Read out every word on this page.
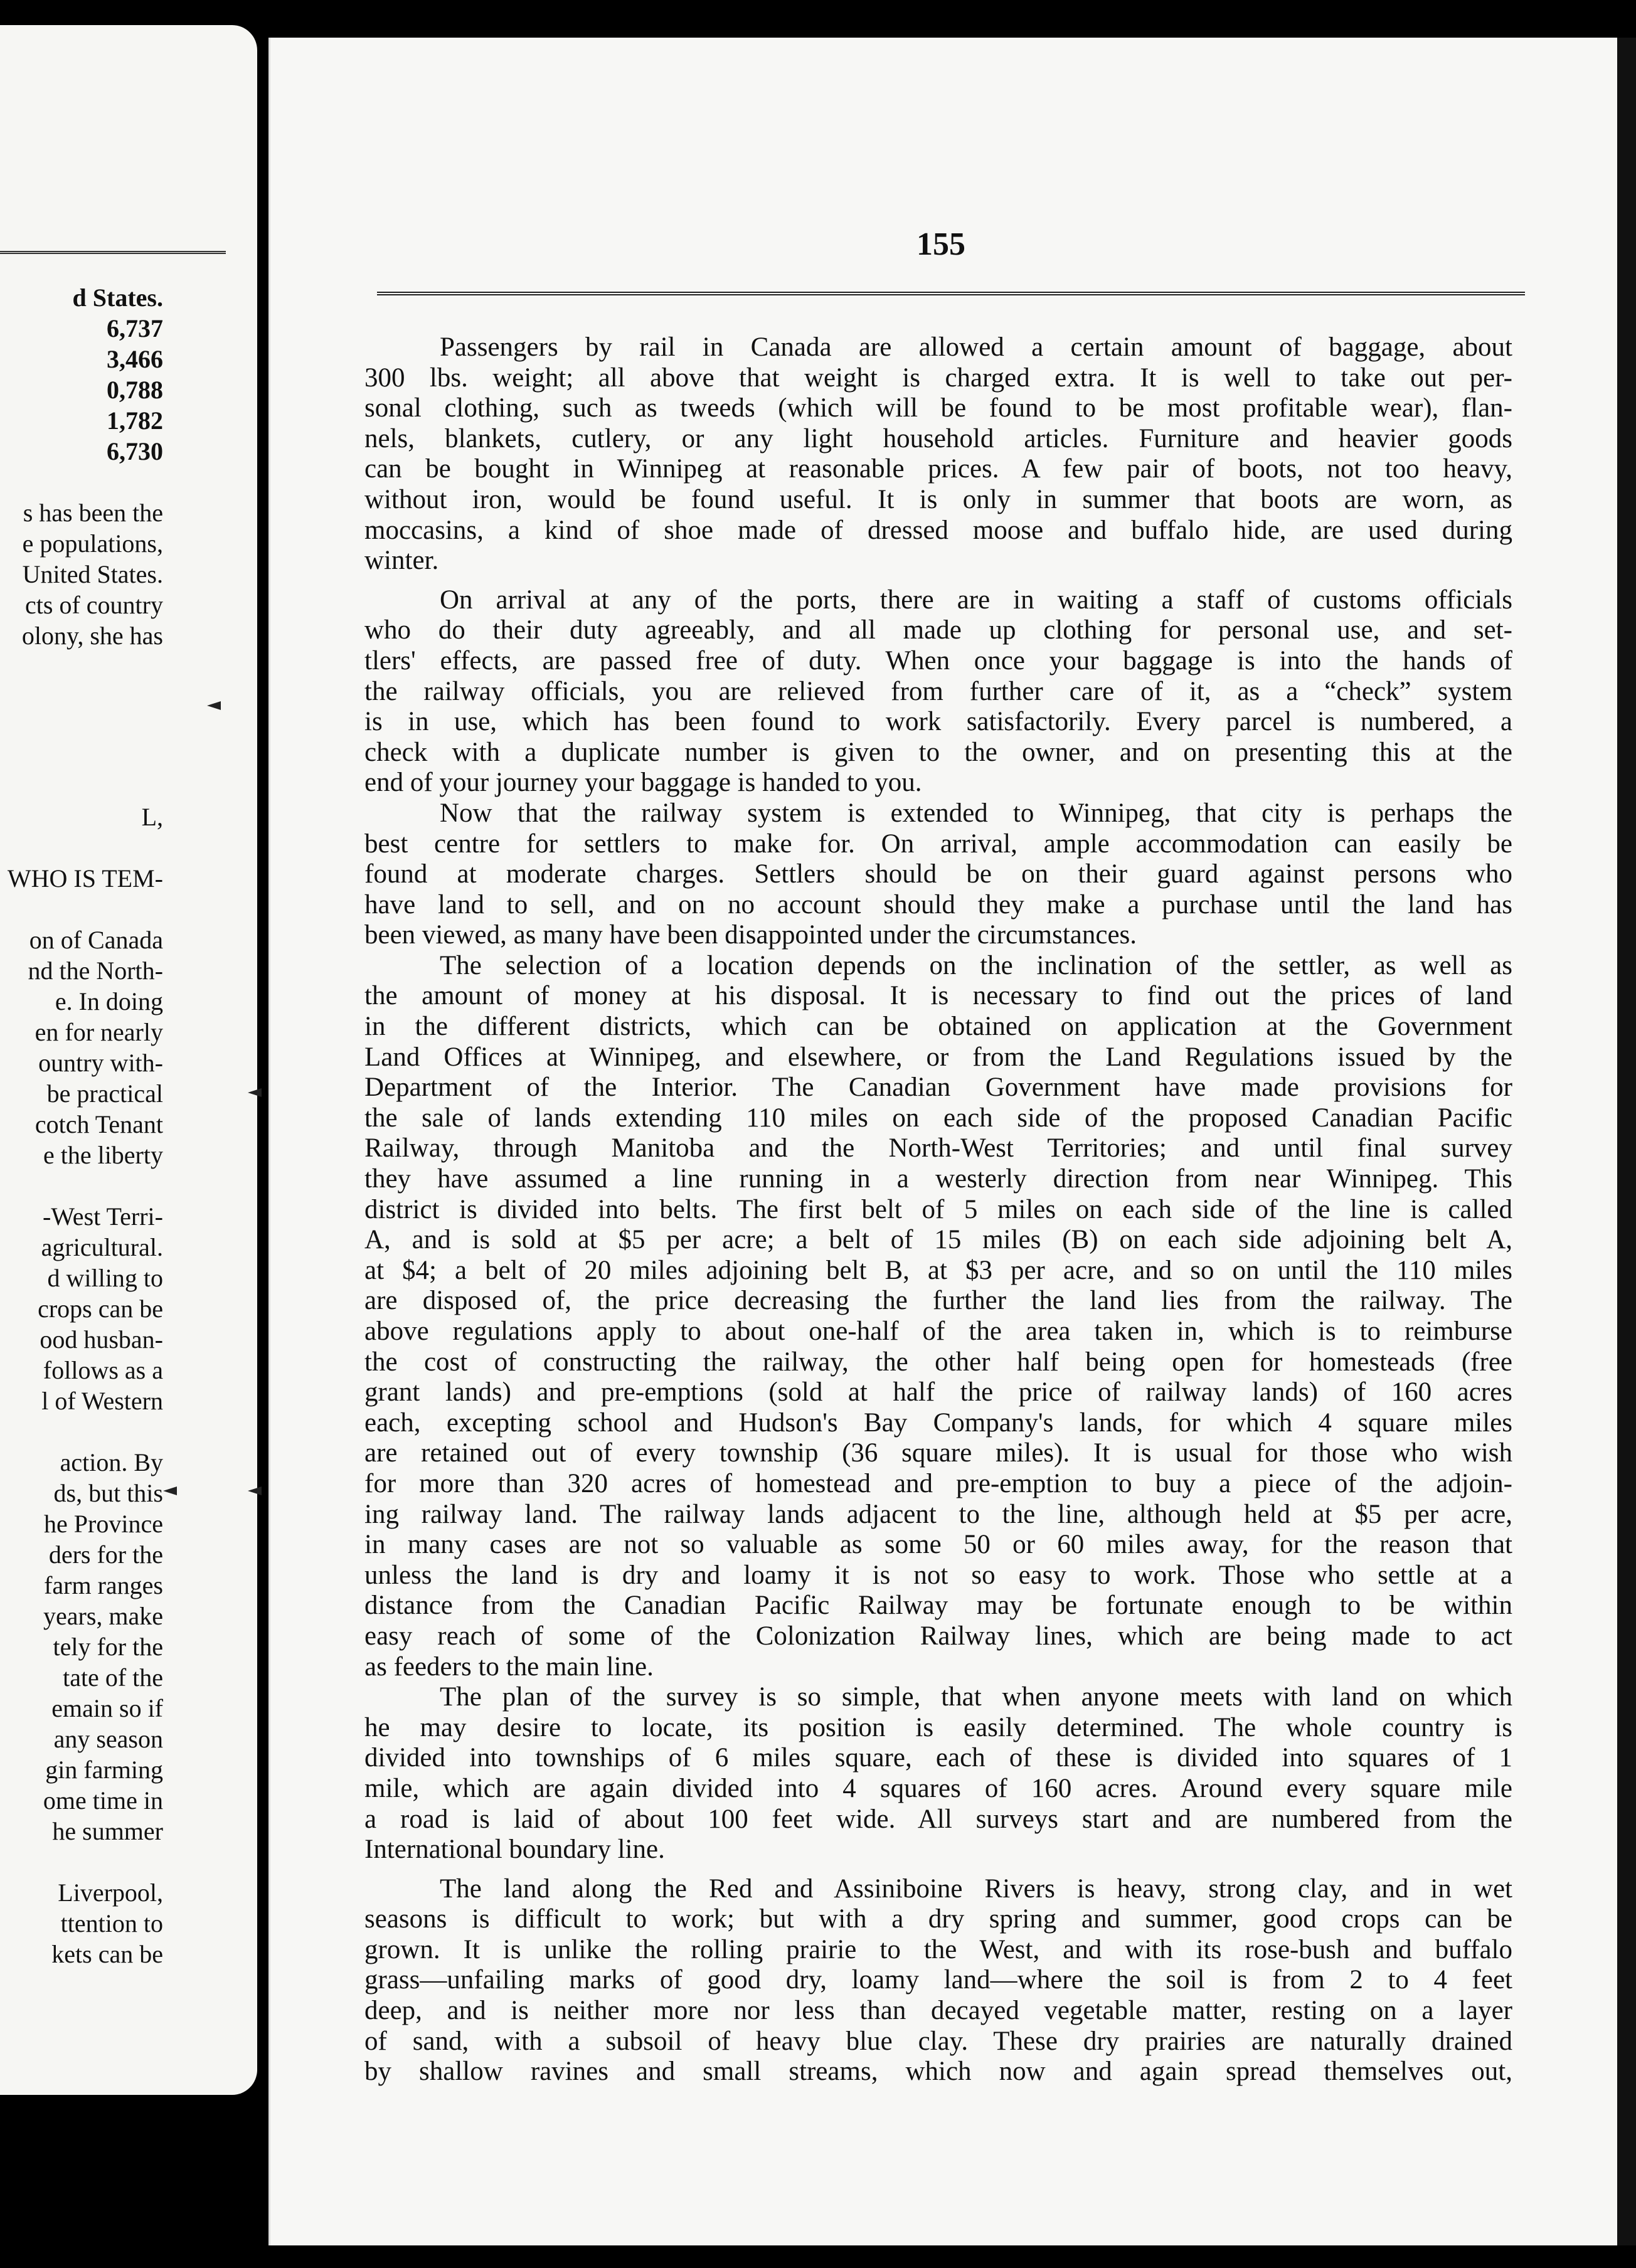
d States.
6,737
3,466
0,788
1,782
6,730
s has been the
e populations,
United States.
cts of country
olony, she has
L,
WHO IS TEM-
on of Canada
nd the North-
e. In doing
en for nearly
ountry with-
be practical
cotch Tenant
e the liberty
-West Terri-
agricultural.
d willing to
crops can be
ood husban-
follows as a
l of Western
action. By
ds, but this
he Province
ders for the
farm ranges
years, make
tely for the
tate of the
emain so if
any season
gin farming
ome time in
he summer
Liverpool,
ttention to
kets can be
155
Passengers by rail in Canada are allowed a certain amount of baggage, about
300 lbs. weight; all above that weight is charged extra. It is well to take out per-
sonal clothing, such as tweeds (which will be found to be most profitable wear), flan-
nels, blankets, cutlery, or any light household articles. Furniture and heavier goods
can be bought in Winnipeg at reasonable prices. A few pair of boots, not too heavy,
without iron, would be found useful. It is only in summer that boots are worn, as
moccasins, a kind of shoe made of dressed moose and buffalo hide, are used during
winter.
On arrival at any of the ports, there are in waiting a staff of customs officials
who do their duty agreeably, and all made up clothing for personal use, and set-
tlers' effects, are passed free of duty. When once your baggage is into the hands of
the railway officials, you are relieved from further care of it, as a “check” system
is in use, which has been found to work satisfactorily. Every parcel is numbered, a
check with a duplicate number is given to the owner, and on presenting this at the
end of your journey your baggage is handed to you.
Now that the railway system is extended to Winnipeg, that city is perhaps the
best centre for settlers to make for. On arrival, ample accommodation can easily be
found at moderate charges. Settlers should be on their guard against persons who
have land to sell, and on no account should they make a purchase until the land has
been viewed, as many have been disappointed under the circumstances.
The selection of a location depends on the inclination of the settler, as well as
the amount of money at his disposal. It is necessary to find out the prices of land
in the different districts, which can be obtained on application at the Government
Land Offices at Winnipeg, and elsewhere, or from the Land Regulations issued by the
Department of the Interior. The Canadian Government have made provisions for
the sale of lands extending 110 miles on each side of the proposed Canadian Pacific
Railway, through Manitoba and the North-West Territories; and until final survey
they have assumed a line running in a westerly direction from near Winnipeg. This
district is divided into belts. The first belt of 5 miles on each side of the line is called
A, and is sold at $5 per acre; a belt of 15 miles (B) on each side adjoining belt A,
at $4; a belt of 20 miles adjoining belt B, at $3 per acre, and so on until the 110 miles
are disposed of, the price decreasing the further the land lies from the railway. The
above regulations apply to about one-half of the area taken in, which is to reimburse
the cost of constructing the railway, the other half being open for homesteads (free
grant lands) and pre-emptions (sold at half the price of railway lands) of 160 acres
each, excepting school and Hudson's Bay Company's lands, for which 4 square miles
are retained out of every township (36 square miles). It is usual for those who wish
for more than 320 acres of homestead and pre-emption to buy a piece of the adjoin-
ing railway land. The railway lands adjacent to the line, although held at $5 per acre,
in many cases are not so valuable as some 50 or 60 miles away, for the reason that
unless the land is dry and loamy it is not so easy to work. Those who settle at a
distance from the Canadian Pacific Railway may be fortunate enough to be within
easy reach of some of the Colonization Railway lines, which are being made to act
as feeders to the main line.
The plan of the survey is so simple, that when anyone meets with land on which
he may desire to locate, its position is easily determined. The whole country is
divided into townships of 6 miles square, each of these is divided into squares of 1
mile, which are again divided into 4 squares of 160 acres. Around every square mile
a road is laid of about 100 feet wide. All surveys start and are numbered from the
International boundary line.
The land along the Red and Assiniboine Rivers is heavy, strong clay, and in wet
seasons is difficult to work; but with a dry spring and summer, good crops can be
grown. It is unlike the rolling prairie to the West, and with its rose-bush and buffalo
grass—unfailing marks of good dry, loamy land—where the soil is from 2 to 4 feet
deep, and is neither more nor less than decayed vegetable matter, resting on a layer
of sand, with a subsoil of heavy blue clay. These dry prairies are naturally drained
by shallow ravines and small streams, which now and again spread themselves out,
